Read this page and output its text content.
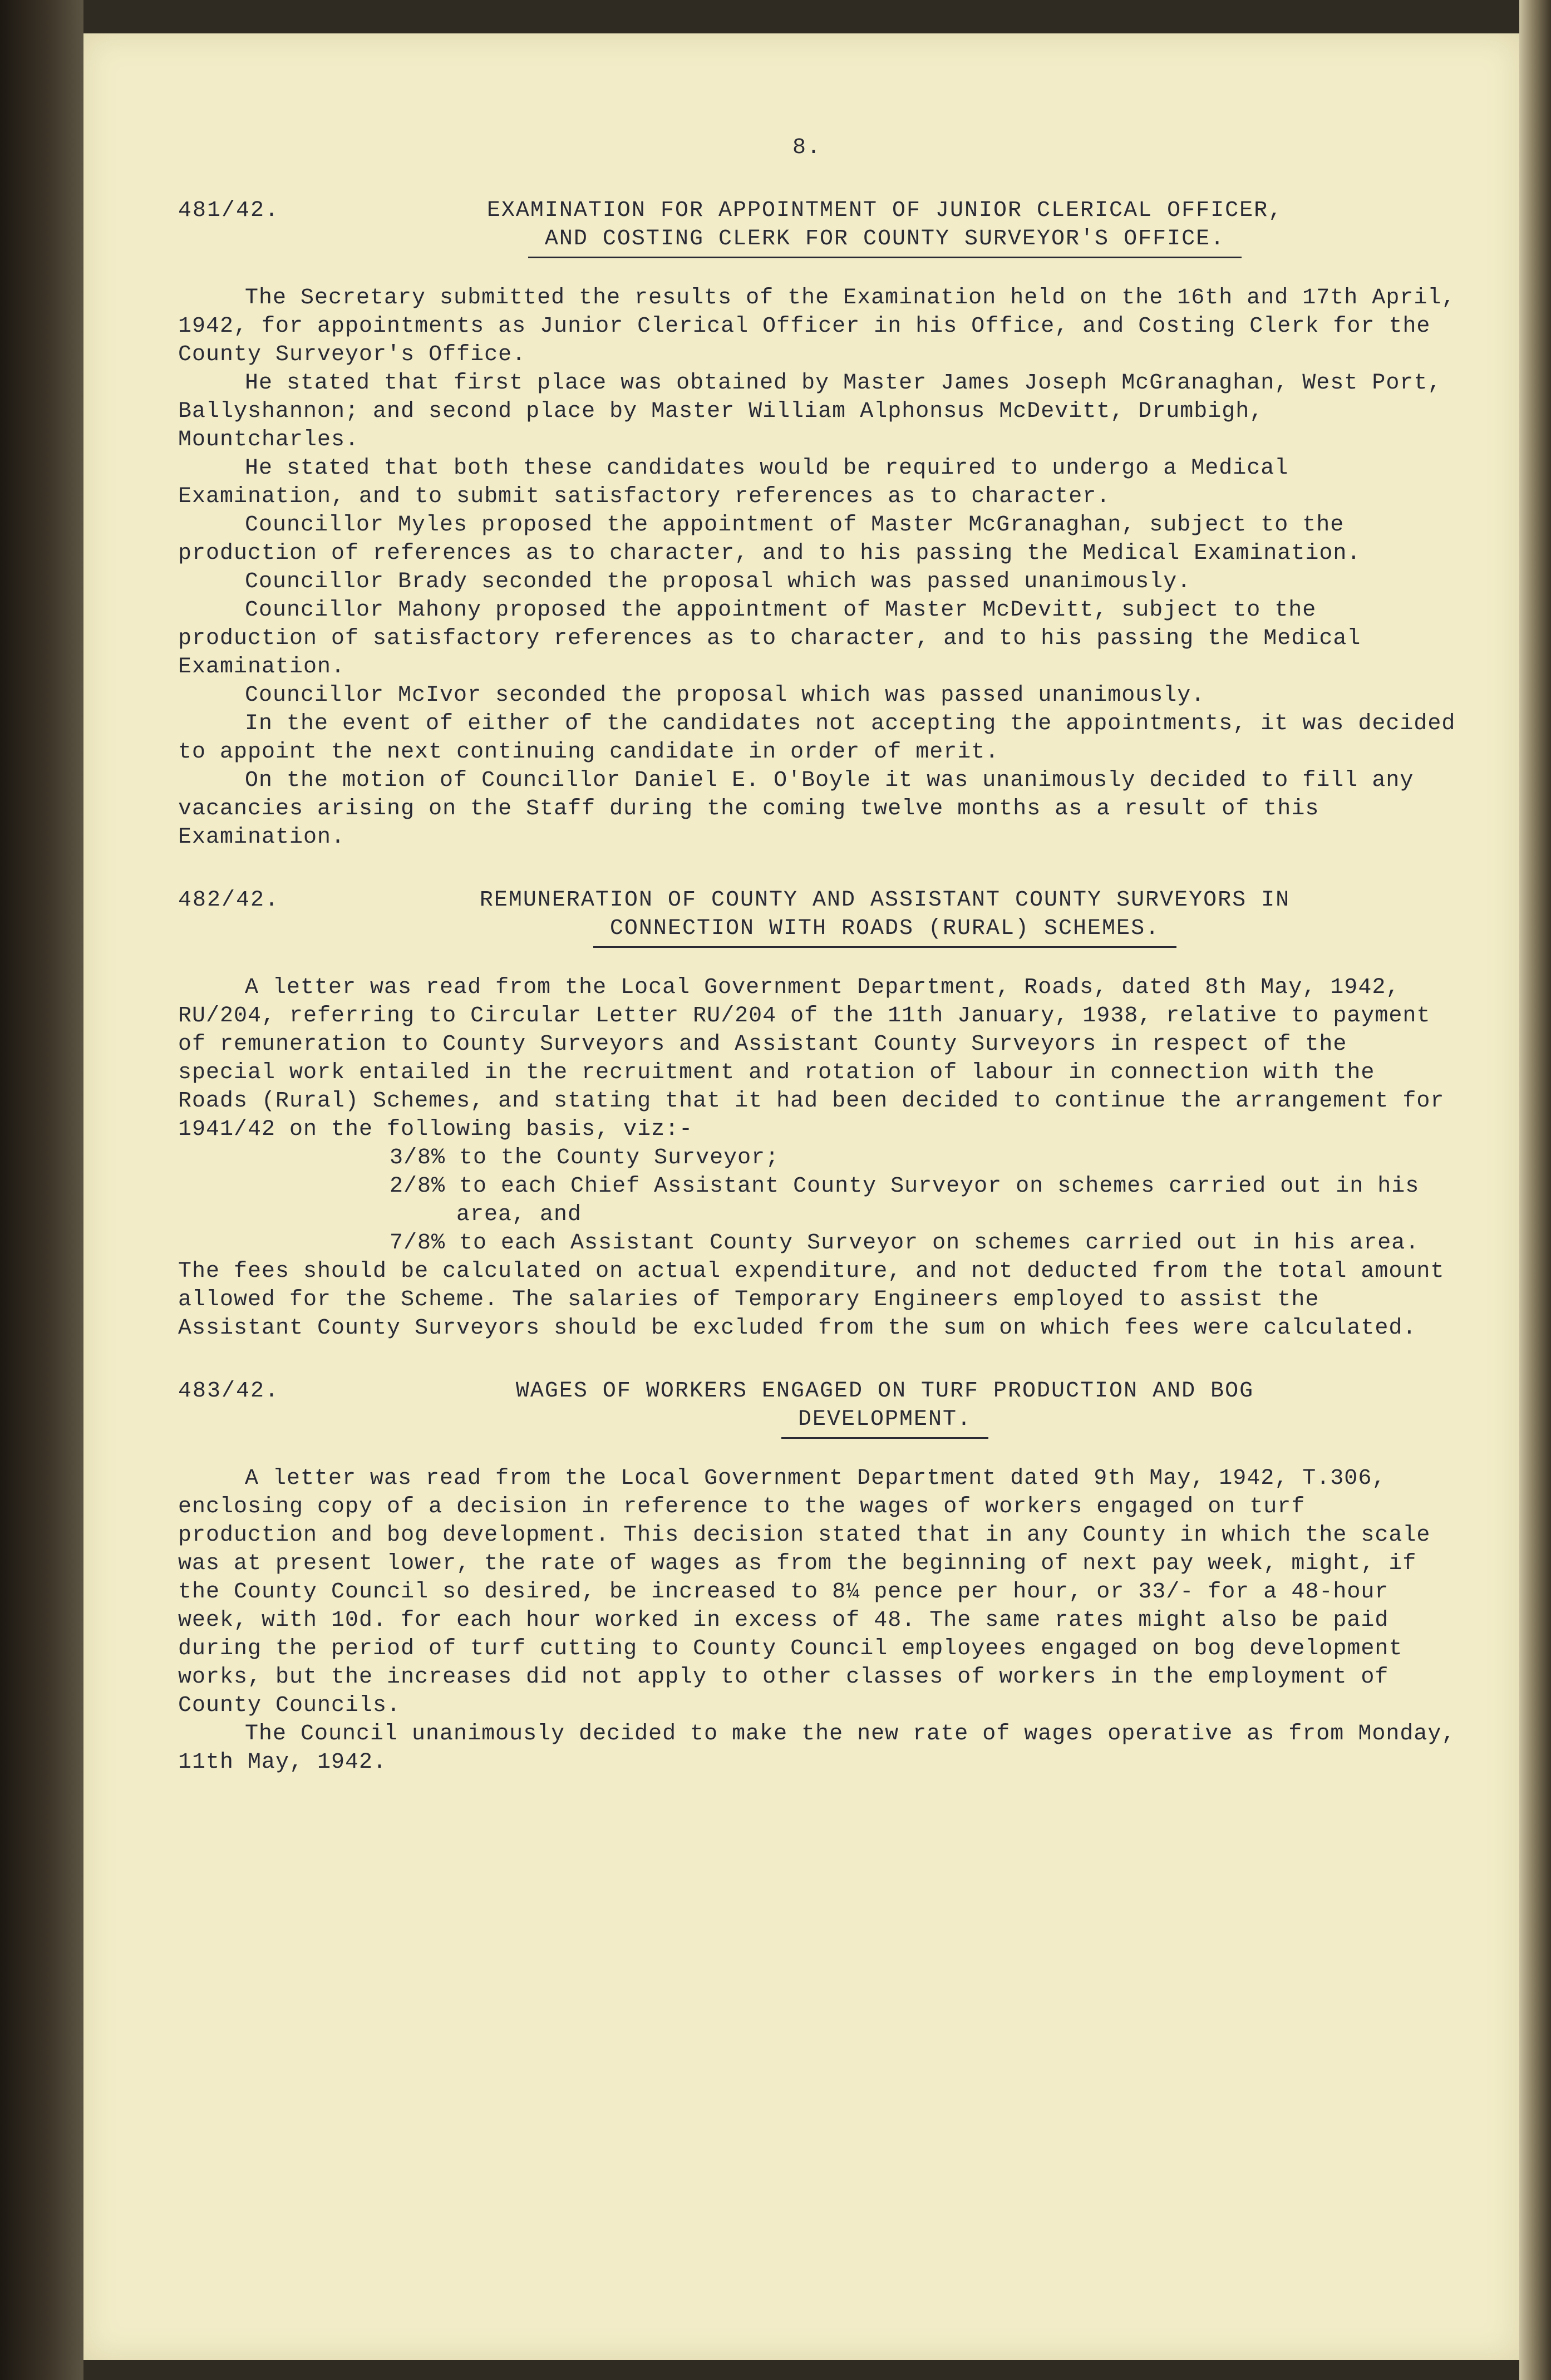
8.
481/42.	EXAMINATION FOR APPOINTMENT OF JUNIOR CLERICAL OFFICER,
AND COSTING CLERK FOR COUNTY SURVEYOR'S OFFICE.

The Secretary submitted the results of the Examination held on the 16th and 17th April, 1942, for appointments as Junior Clerical Officer in his Office, and Costing Clerk for the County Surveyor's Office.

He stated that first place was obtained by Master James Joseph McGranaghan, West Port, Ballyshannon; and second place by Master William Alphonsus McDevitt, Drumbigh, Mountcharles.

He stated that both these candidates would be required to undergo a Medical Examination, and to submit satisfactory references as to character.

Councillor Myles proposed the appointment of Master McGranaghan, subject to the production of references as to character, and to his passing the Medical Examination.

Councillor Brady seconded the proposal which was passed unanimously.

Councillor Mahony proposed the appointment of Master McDevitt, subject to the production of satisfactory references as to character, and to his passing the Medical Examination.

Councillor McIvor seconded the proposal which was passed unanimously.

In the event of either of the candidates not accepting the appointments, it was decided to appoint the next continuing candidate in order of merit.

On the motion of Councillor Daniel E. O'Boyle it was unanimously decided to fill any vacancies arising on the Staff during the coming twelve months as a result of this Examination.

482/42.	REMUNERATION OF COUNTY AND ASSISTANT COUNTY SURVEYORS IN
CONNECTION WITH ROADS (RURAL) SCHEMES.

A letter was read from the Local Government Department, Roads, dated 8th May, 1942, RU/204, referring to Circular Letter RU/204 of the 11th January, 1938, relative to payment of remuneration to County Surveyors and Assistant County Surveyors in respect of the special work entailed in the recruitment and rotation of labour in connection with the Roads (Rural) Schemes, and stating that it had been decided to continue the arrangement for 1941/42 on the following basis, viz:-

3/8% to the County Surveyor;

2/8% to each Chief Assistant County Surveyor on schemes carried out in his area, and

7/8% to each Assistant County Surveyor on schemes carried out in his area.

The fees should be calculated on actual expenditure, and not deducted from the total amount allowed for the Scheme. The salaries of Temporary Engineers employed to assist the Assistant County Surveyors should be excluded from the sum on which fees were calculated.

483/42.	WAGES OF WORKERS ENGAGED ON TURF PRODUCTION AND BOG
DEVELOPMENT.

A letter was read from the Local Government Department dated 9th May, 1942, T.306, enclosing copy of a decision in reference to the wages of workers engaged on turf production and bog development. This decision stated that in any County in which the scale was at present lower, the rate of wages as from the beginning of next pay week, might, if the County Council so desired, be increased to 8¼ pence per hour, or 33/- for a 48-hour week, with 10d. for each hour worked in excess of 48. The same rates might also be paid during the period of turf cutting to County Council employees engaged on bog development works, but the increases did not apply to other classes of workers in the employment of County Councils.

The Council unanimously decided to make the new rate of wages operative as from Monday, 11th May, 1942.
